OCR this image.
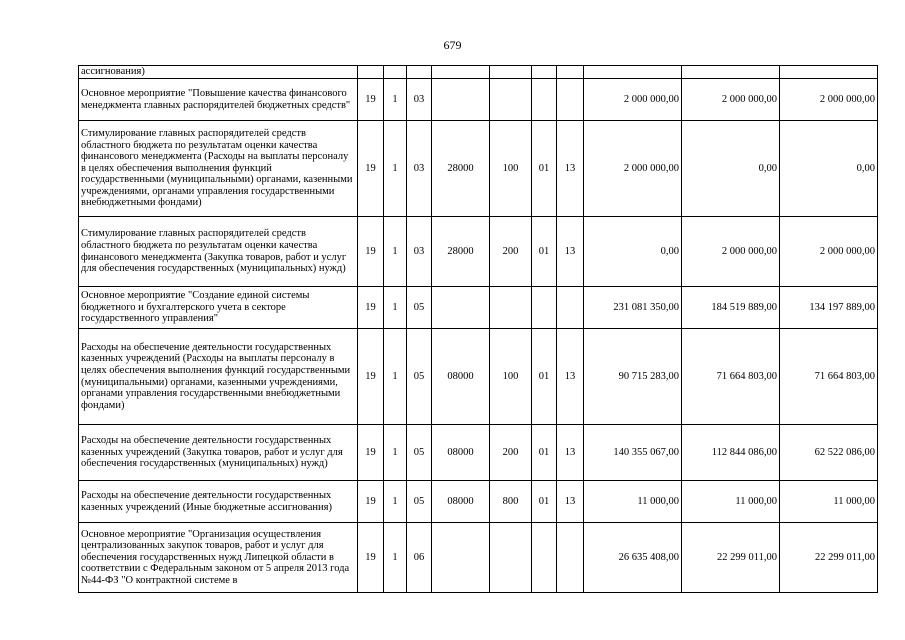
679
ассигнования)										
Основное мероприятие "Повышение качества финансового менеджмента главных распорядителей бюджетных средств"	19	1	03					2 000 000,00	2 000 000,00	2 000 000,00
Стимулирование главных распорядителей средств областного бюджета по результатам оценки качества финансового менеджмента (Расходы на выплаты персоналу в целях обеспечения выполнения функций государственными (муниципальными) органами, казенными учреждениями, органами управления государственными внебюджетными фондами)	19	1	03	28000	100	01	13	2 000 000,00	0,00	0,00
Стимулирование главных распорядителей средств областного бюджета по результатам оценки качества финансового менеджмента (Закупка товаров, работ и услуг для обеспечения государственных (муниципальных) нужд)	19	1	03	28000	200	01	13	0,00	2 000 000,00	2 000 000,00
Основное мероприятие "Создание единой системы бюджетного и бухгалтерского учета в секторе государственного управления"	19	1	05					231 081 350,00	184 519 889,00	134 197 889,00
Расходы на обеспечение деятельности государственных казенных учреждений (Расходы на выплаты персоналу в целях обеспечения выполнения функций государственными (муниципальными) органами, казенными учреждениями, органами управления государственными внебюджетными фондами)	19	1	05	08000	100	01	13	90 715 283,00	71 664 803,00	71 664 803,00
Расходы на обеспечение деятельности государственных казенных учреждений (Закупка товаров, работ и услуг для обеспечения государственных (муниципальных) нужд)	19	1	05	08000	200	01	13	140 355 067,00	112 844 086,00	62 522 086,00
Расходы на обеспечение деятельности государственных казенных учреждений (Иные бюджетные ассигнования)	19	1	05	08000	800	01	13	11 000,00	11 000,00	11 000,00
Основное мероприятие "Организация осуществления централизованных закупок товаров, работ и услуг для обеспечения государственных нужд Липецкой области в соответствии с Федеральным законом от 5 апреля 2013 года №44-ФЗ "О контрактной системе в	19	1	06					26 635 408,00	22 299 011,00	22 299 011,00
